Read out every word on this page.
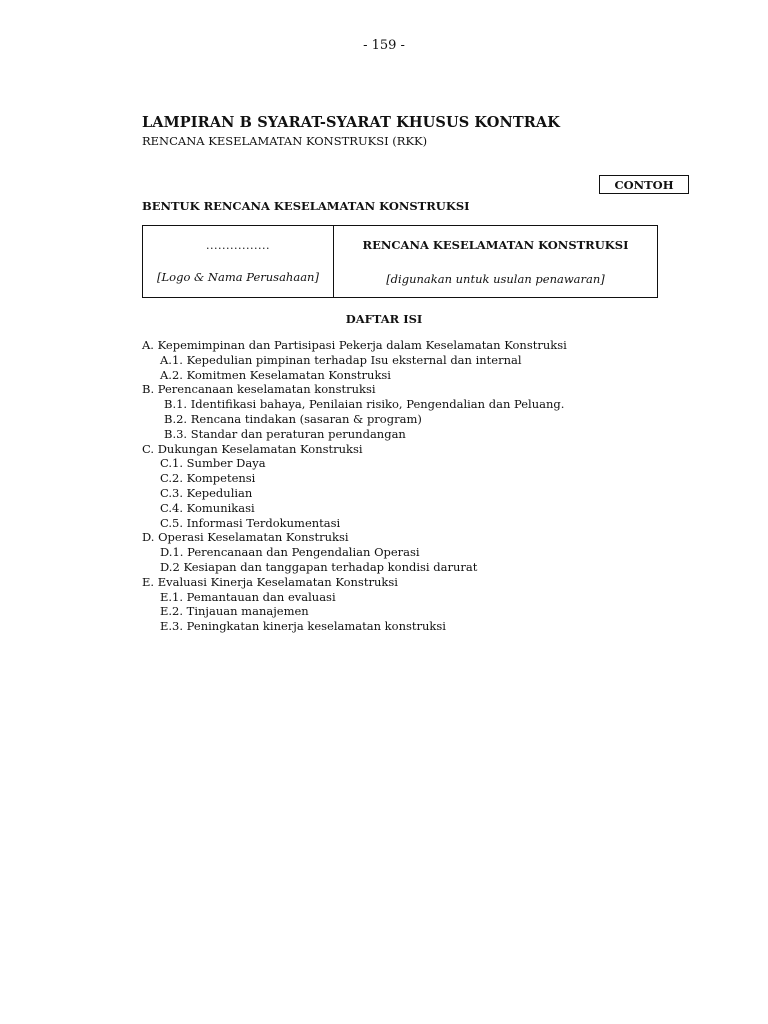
- 159 -
LAMPIRAN B SYARAT-SYARAT KHUSUS KONTRAK
RENCANA KESELAMATAN KONSTRUKSI (RKK)
CONTOH
BENTUK RENCANA KESELAMATAN KONSTRUKSI
................
[Logo & Nama Perusahaan]
RENCANA KESELAMATAN KONSTRUKSI
[digunakan untuk usulan penawaran]
DAFTAR ISI
A. Kepemimpinan dan Partisipasi Pekerja dalam Keselamatan Konstruksi
A.1. Kepedulian pimpinan terhadap Isu eksternal dan internal
A.2. Komitmen Keselamatan Konstruksi
B. Perencanaan keselamatan konstruksi
B.1. Identifikasi bahaya, Penilaian risiko, Pengendalian dan Peluang.
B.2. Rencana tindakan (sasaran & program)
B.3. Standar dan peraturan perundangan
C. Dukungan Keselamatan Konstruksi
C.1. Sumber Daya
C.2. Kompetensi
C.3. Kepedulian
C.4. Komunikasi
C.5. Informasi Terdokumentasi
D. Operasi Keselamatan Konstruksi
D.1. Perencanaan dan Pengendalian Operasi
D.2 Kesiapan dan tanggapan terhadap kondisi darurat
E. Evaluasi Kinerja Keselamatan Konstruksi
E.1. Pemantauan dan evaluasi
E.2. Tinjauan manajemen
E.3. Peningkatan kinerja keselamatan konstruksi
